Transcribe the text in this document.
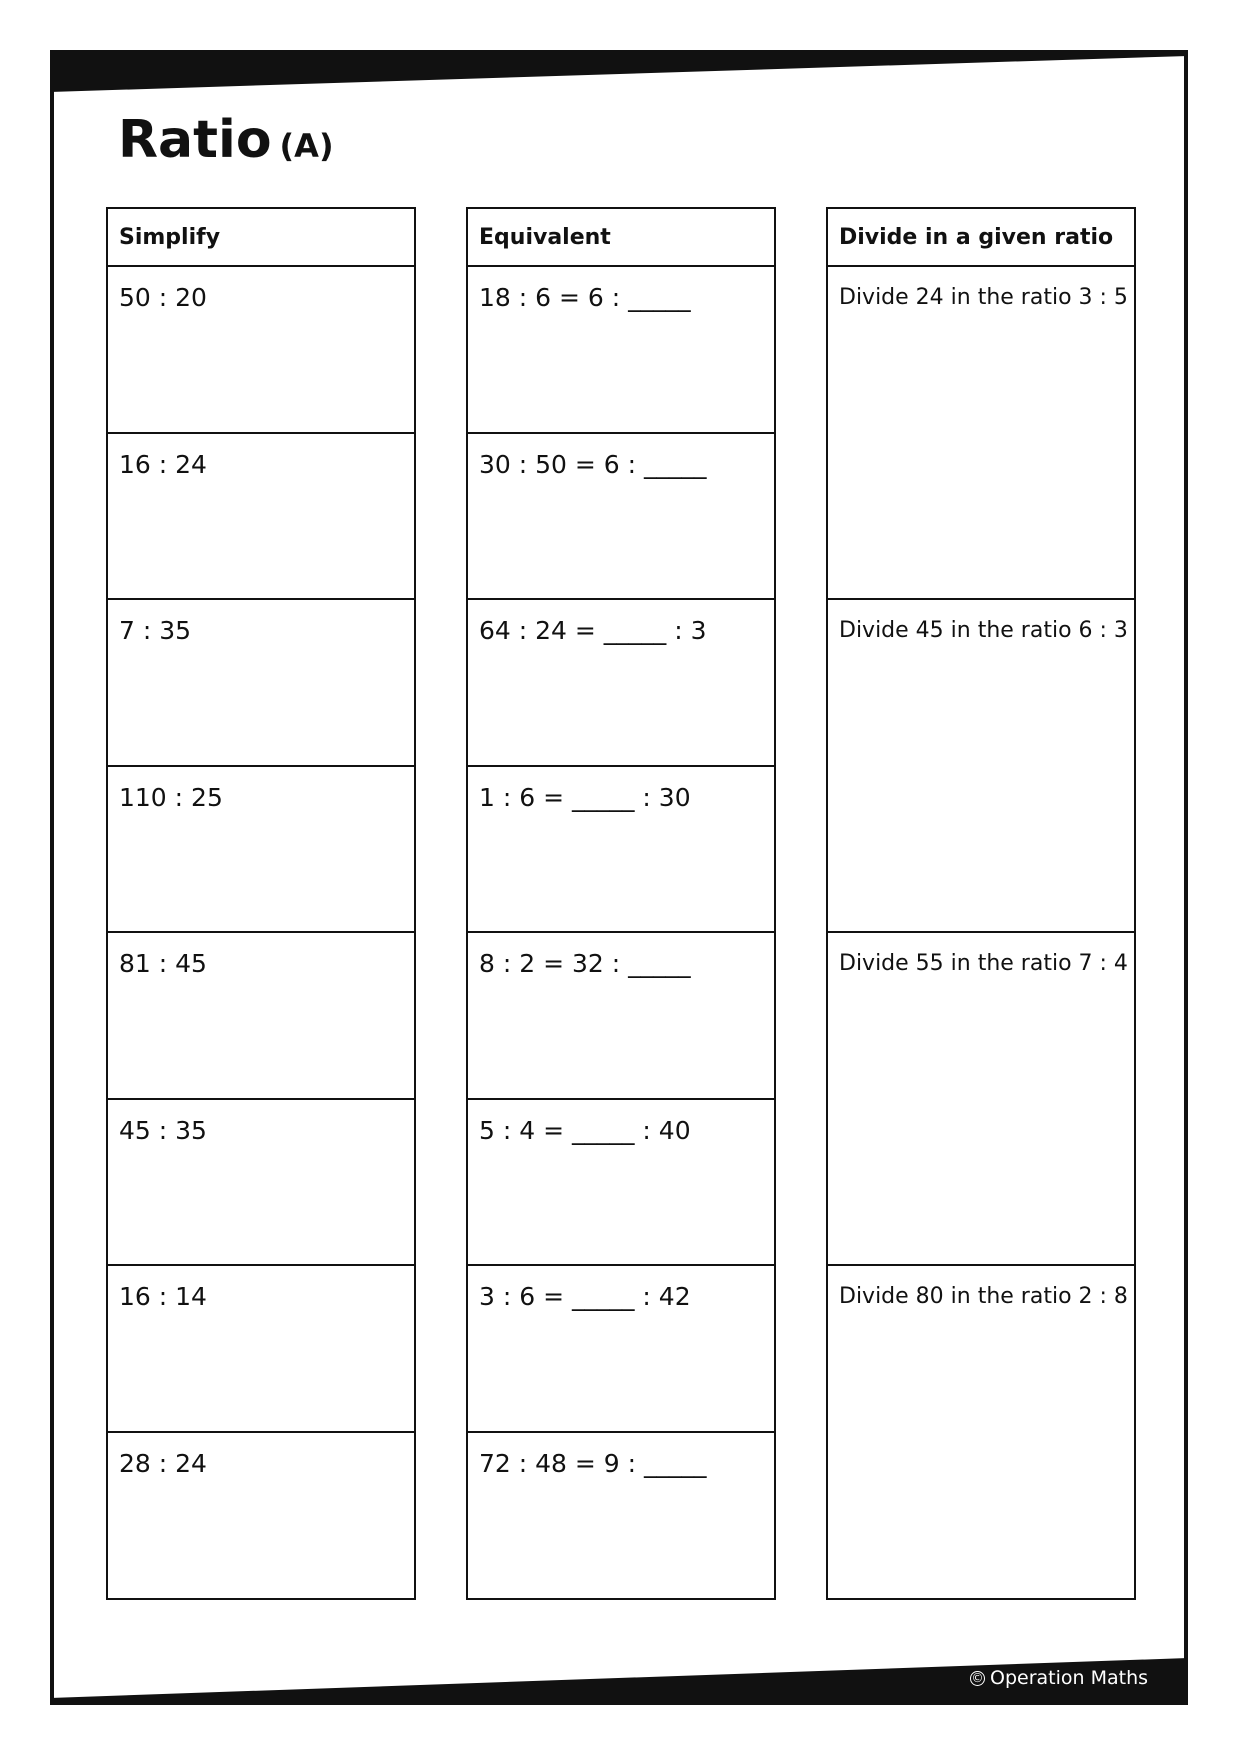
Ratio (A)
Simplify
50 : 20
16 : 24
7 : 35
110 : 25
81 : 45
45 : 35
16 : 14
28 : 24
Equivalent
18 : 6 = 6 : _____
30 : 50 = 6 : _____
64 : 24 = _____ : 3
1 : 6 = _____ : 30
8 : 2 = 32 : _____
5 : 4 = _____ : 40
3 : 6 = _____ : 42
72 : 48 = 9 : _____
Divide in a given ratio
Divide 24 in the ratio 3 : 5
Divide 45 in the ratio 6 : 3
Divide 55 in the ratio 7 : 4
Divide 80 in the ratio 2 : 8
© Operation Maths
